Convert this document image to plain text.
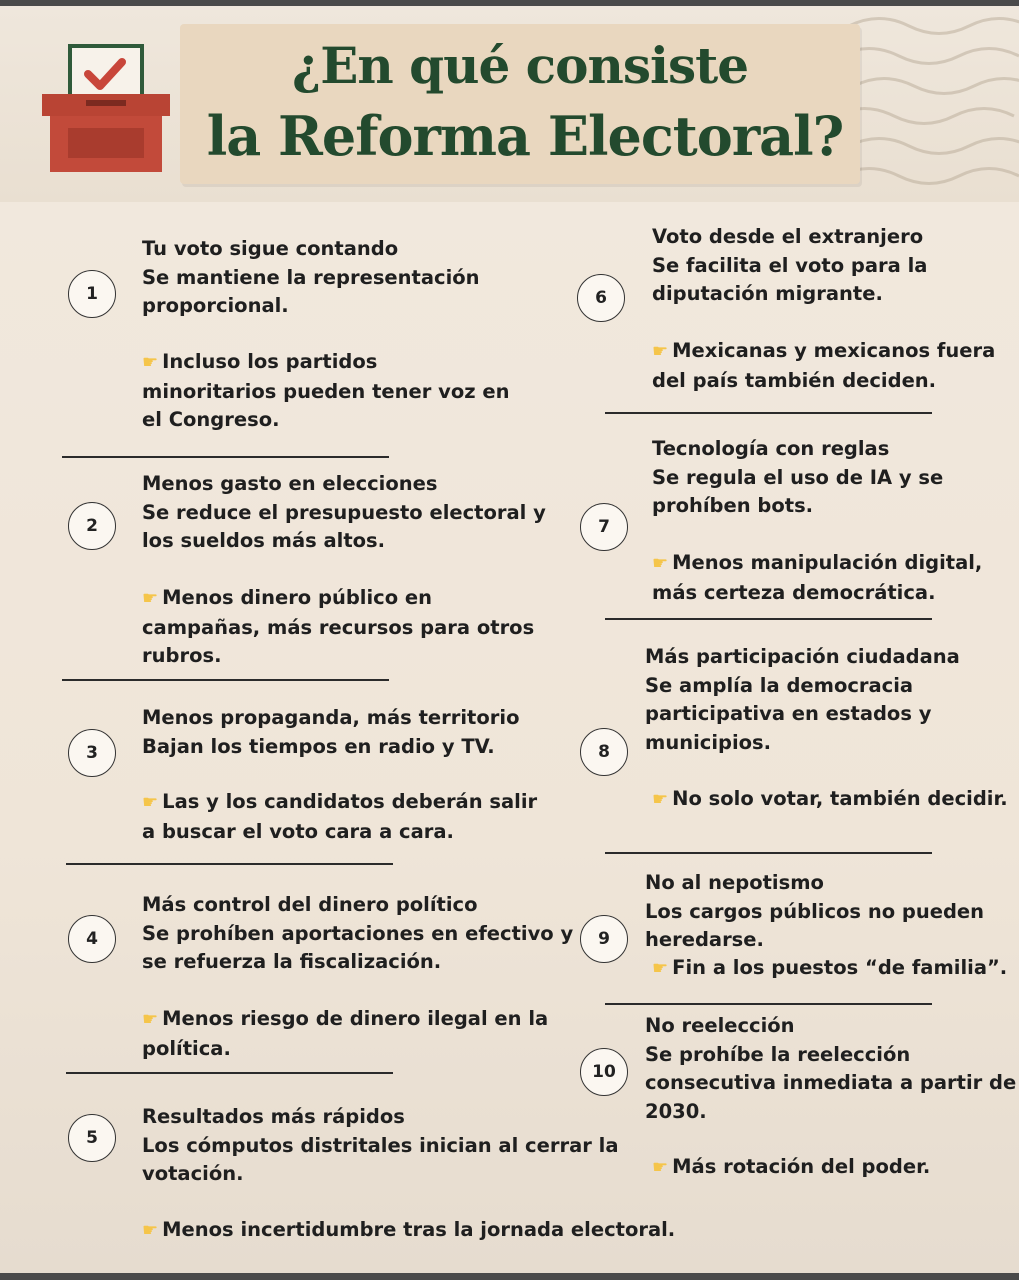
¿En qué consiste
la Reforma Electoral?
1
Tu voto sigue contando
Se mantiene la representación
proporcional.
☛ Incluso los partidos
minoritarios pueden tener voz en
el Congreso.
2
Menos gasto en elecciones
Se reduce el presupuesto electoral y
los sueldos más altos.
☛ Menos dinero público en
campañas, más recursos para otros
rubros.
3
Menos propaganda, más territorio
Bajan los tiempos en radio y TV.
☛ Las y los candidatos deberán salir
a buscar el voto cara a cara.
4
Más control del dinero político
Se prohíben aportaciones en efectivo y
se refuerza la fiscalización.
☛ Menos riesgo de dinero ilegal en la
política.
5
Resultados más rápidos
Los cómputos distritales inician al cerrar la
votación.
☛ Menos incertidumbre tras la jornada electoral.
6
Voto desde el extranjero
Se facilita el voto para la
diputación migrante.
☛ Mexicanas y mexicanos fuera
del país también deciden.
7
Tecnología con reglas
Se regula el uso de IA y se
prohíben bots.
☛ Menos manipulación digital,
más certeza democrática.
8
Más participación ciudadana
Se amplía la democracia
participativa en estados y
municipios.
☛ No solo votar, también decidir.
9
No al nepotismo
Los cargos públicos no pueden
heredarse.
☛ Fin a los puestos “de familia”.
10
No reelección
Se prohíbe la reelección
consecutiva inmediata a partir de
2030.
☛ Más rotación del poder.
